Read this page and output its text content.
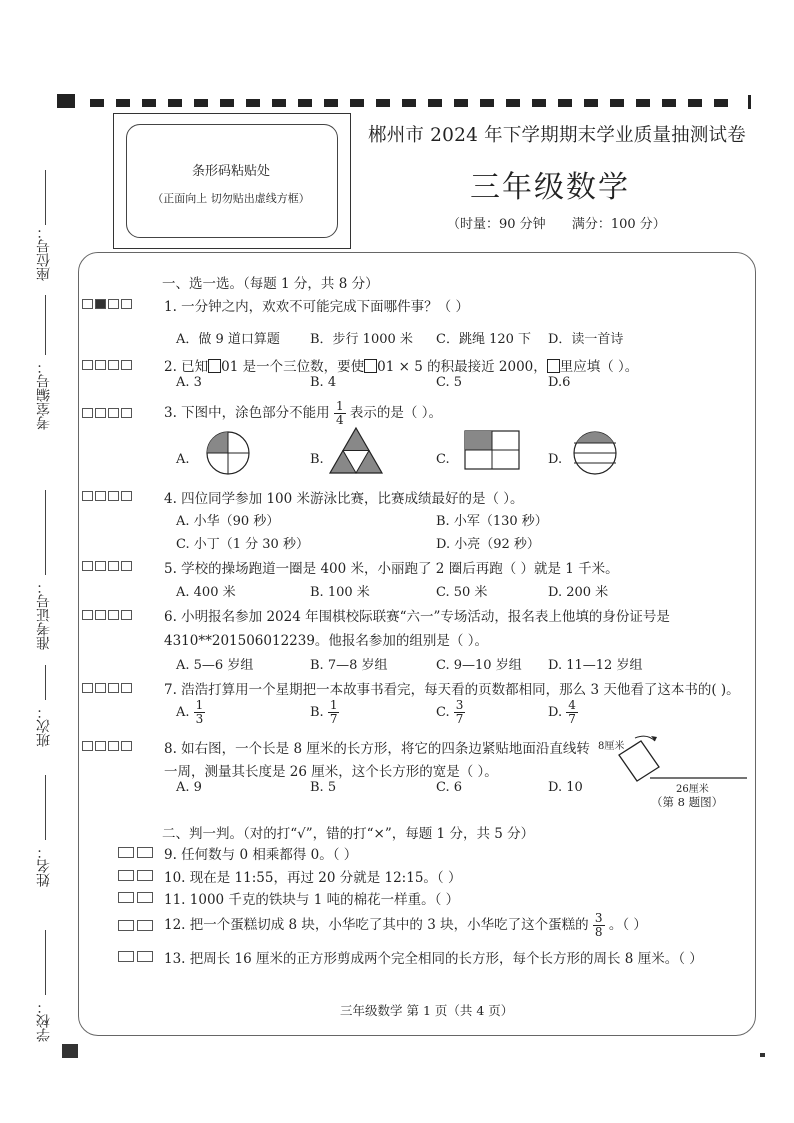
条形码粘贴处
（正面向上 切勿贴出虚线方框）
郴州市 2024 年下学期期末学业质量抽测试卷
三年级数学
（时量：90 分钟 满分：100 分）
座位号：
考室编号：
准考证号：
班次：
姓名：
学校：
一、选一选。（每题 1 分，共 8 分）
1. 一分钟之内，欢欢不可能完成下面哪件事？（ ）
A．做 9 道口算题 B．步行 1000 米 C．跳绳 120 下 D．读一首诗
2. 已知 01 是一个三位数，要使 01 × 5 的积最接近 2000， 里应填（ ）。
A. 3	B. 4	C. 5	D.6
3. 下图中，涂色部分不能用 $\frac{1}{4}$ 表示的是（ ）。
A.	B.	C.	D.
4. 四位同学参加 100 米游泳比赛，比赛成绩最好的是（ ）。
A. 小华（90 秒）	B. 小军（130 秒）
C. 小丁（1 分 30 秒）	D. 小亮（92 秒）
5. 学校的操场跑道一圈是 400 米，小丽跑了 2 圈后再跑（ ）就是 1 千米。
A. 400 米	B. 100 米	C. 50 米	D. 200 米
6. 小明报名参加 2024 年围棋校际联赛“六一”专场活动，报名表上他填的身份证号是
4310**201506012239。他报名参加的组别是（ ）。
A. 5—6 岁组	B. 7—8 岁组	C. 9—10 岁组 D. 11—12 岁组
7. 浩浩打算用一个星期把一本故事书看完，每天看的页数都相同，那么 3 天他看了这本书的( )。
A. $\frac{1}{3}$	B. $\frac{1}{7}$	C. $\frac{3}{7}$	D. $\frac{4}{7}$
8. 如右图，一个长是 8 厘米的长方形，将它的四条边紧贴地面沿直线转
一周，测量其长度是 26 厘米，这个长方形的宽是（ ）。
A. 9	B. 5	C. 6	D. 10
8厘米
26厘米
（第 8 题图）
二、判一判。（对的打“√”，错的打“×”，每题 1 分，共 5 分）
9. 任何数与 0 相乘都得 0。（ ）
10. 现在是 11:55，再过 20 分就是 12:15。（ ）
11. 1000 千克的铁块与 1 吨的棉花一样重。（ ）
12. 把一个蛋糕切成 8 块，小华吃了其中的 3 块，小华吃了这个蛋糕的 $\frac{3}{8}$ 。（ ）
13. 把周长 16 厘米的正方形剪成两个完全相同的长方形，每个长方形的周长 8 厘米。（ ）
三年级数学 第 1 页（共 4 页）
